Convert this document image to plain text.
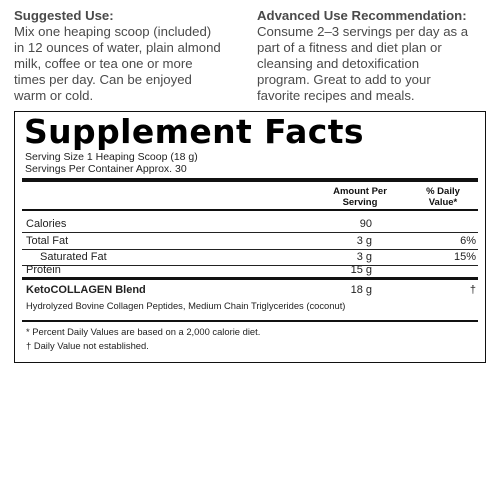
Suggested Use:
Mix one heaping scoop (included)
in 12 ounces of water, plain almond
milk, coffee or tea one or more
times per day. Can be enjoyed
warm or cold.
Advanced Use Recommendation:
Consume 2–3 servings per day as a
part of a fitness and diet plan or
cleansing and detoxification
program. Great to add to your
favorite recipes and meals.
Supplement Facts
Serving Size 1 Heaping Scoop (18 g)
Servings Per Container Approx. 30
Amount Per
Serving
% Daily
Value*
Calories	90
Total Fat	3 g	6%
Saturated Fat	3 g	15%
Protein	15 g
KetoCOLLAGEN Blend	18 g	†
Hydrolyzed Bovine Collagen Peptides, Medium Chain Triglycerides (coconut)
* Percent Daily Values are based on a 2,000 calorie diet.
† Daily Value not established.
